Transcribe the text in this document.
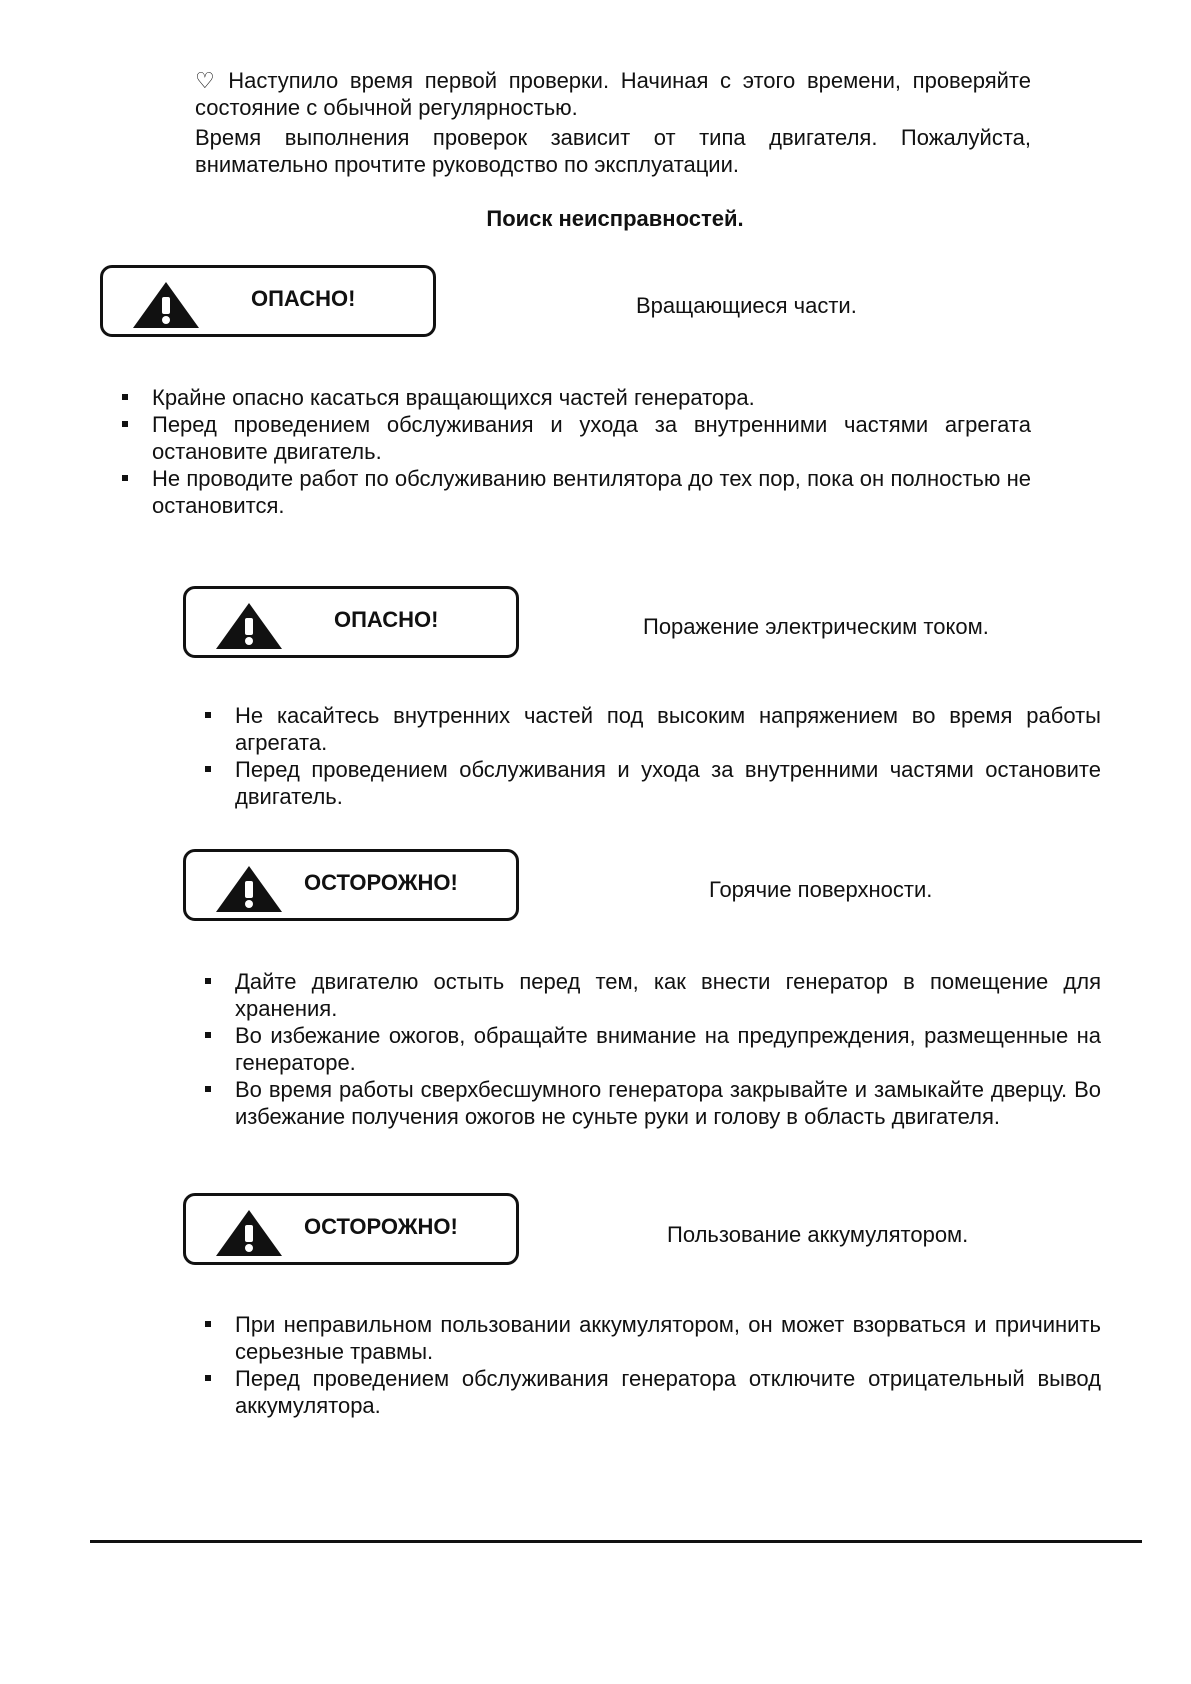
♡ Наступило время первой проверки. Начиная с этого времени, проверяйте состояние с обычной регулярностью.

Время выполнения проверок зависит от типа двигателя. Пожалуйста, внимательно прочтите руководство по эксплуатации.

Поиск неисправностей.

ОПАСНО!	Вращающиеся части.
Крайне опасно касаться вращающихся частей генератора.
Перед проведением обслуживания и ухода за внутренними частями агрегата остановите двигатель.
Не проводите работ по обслуживанию вентилятора до тех пор, пока он полностью не остановится.
ОПАСНО!	Поражение электрическим током.
Не касайтесь внутренних частей под высоким напряжением во время работы агрегата.
Перед проведением обслуживания и ухода за внутренними частями остановите двигатель.
ОСТОРОЖНО!	Горячие поверхности.
Дайте двигателю остыть перед тем, как внести генератор в помещение для хранения.
Во избежание ожогов, обращайте внимание на предупреждения, размещенные на генераторе.
Во время работы сверхбесшумного генератора закрывайте и замыкайте дверцу. Во избежание получения ожогов не суньте руки и голову в область двигателя.
ОСТОРОЖНО!	Пользование аккумулятором.
При неправильном пользовании аккумулятором, он может взорваться и причинить серьезные травмы.
Перед проведением обслуживания генератора отключите отрицательный вывод аккумулятора.
